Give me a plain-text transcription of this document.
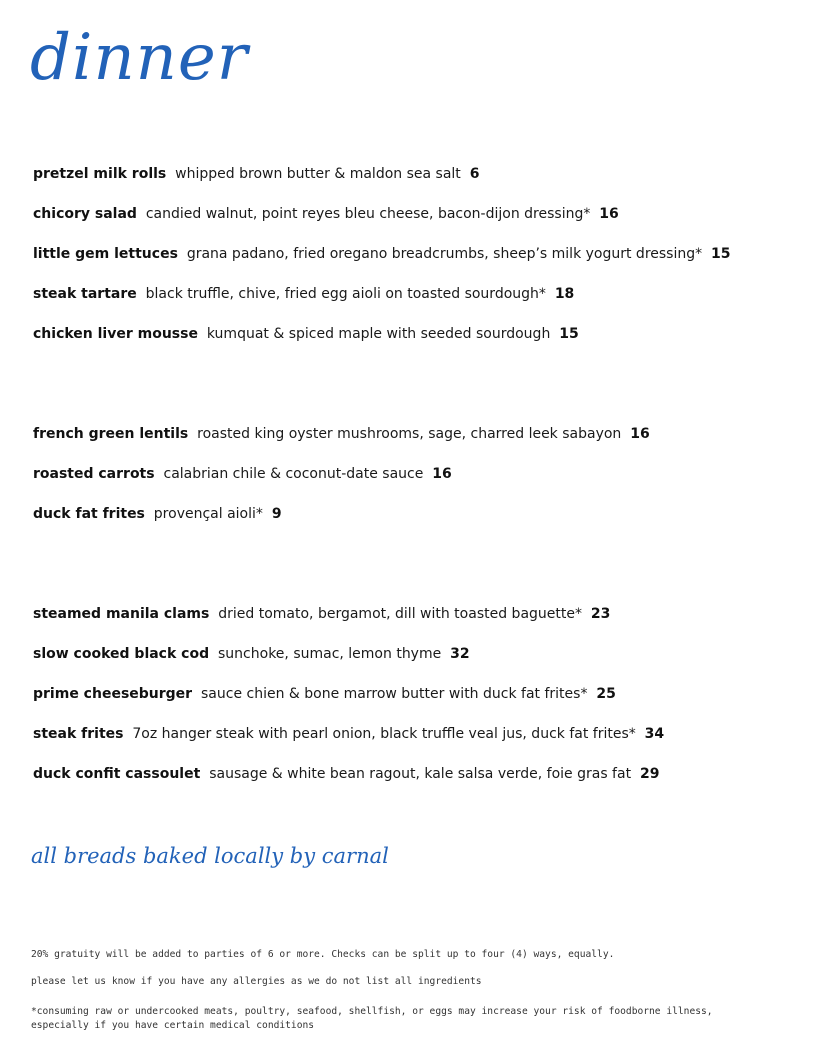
dinner
pretzel milk rolls whipped brown butter & maldon sea salt 6
chicory salad candied walnut, point reyes bleu cheese, bacon-dijon dressing* 16
little gem lettuces grana padano, fried oregano breadcrumbs, sheep’s milk yogurt dressing* 15
steak tartare black truffle, chive, fried egg aioli on toasted sourdough* 18
chicken liver mousse kumquat & spiced maple with seeded sourdough 15
french green lentils roasted king oyster mushrooms, sage, charred leek sabayon 16
roasted carrots calabrian chile & coconut-date sauce 16
duck fat frites provençal aioli* 9
steamed manila clams dried tomato, bergamot, dill with toasted baguette* 23
slow cooked black cod sunchoke, sumac, lemon thyme 32
prime cheeseburger sauce chien & bone marrow butter with duck fat frites* 25
steak frites 7oz hanger steak with pearl onion, black truffle veal jus, duck fat frites* 34
duck confit cassoulet sausage & white bean ragout, kale salsa verde, foie gras fat 29
all breads baked locally by carnal
20% gratuity will be added to parties of 6 or more. Checks can be split up to four (4) ways, equally.
please let us know if you have any allergies as we do not list all ingredients
*consuming raw or undercooked meats, poultry, seafood, shellfish, or eggs may increase your risk of foodborne illness, especially if you have certain medical conditions
